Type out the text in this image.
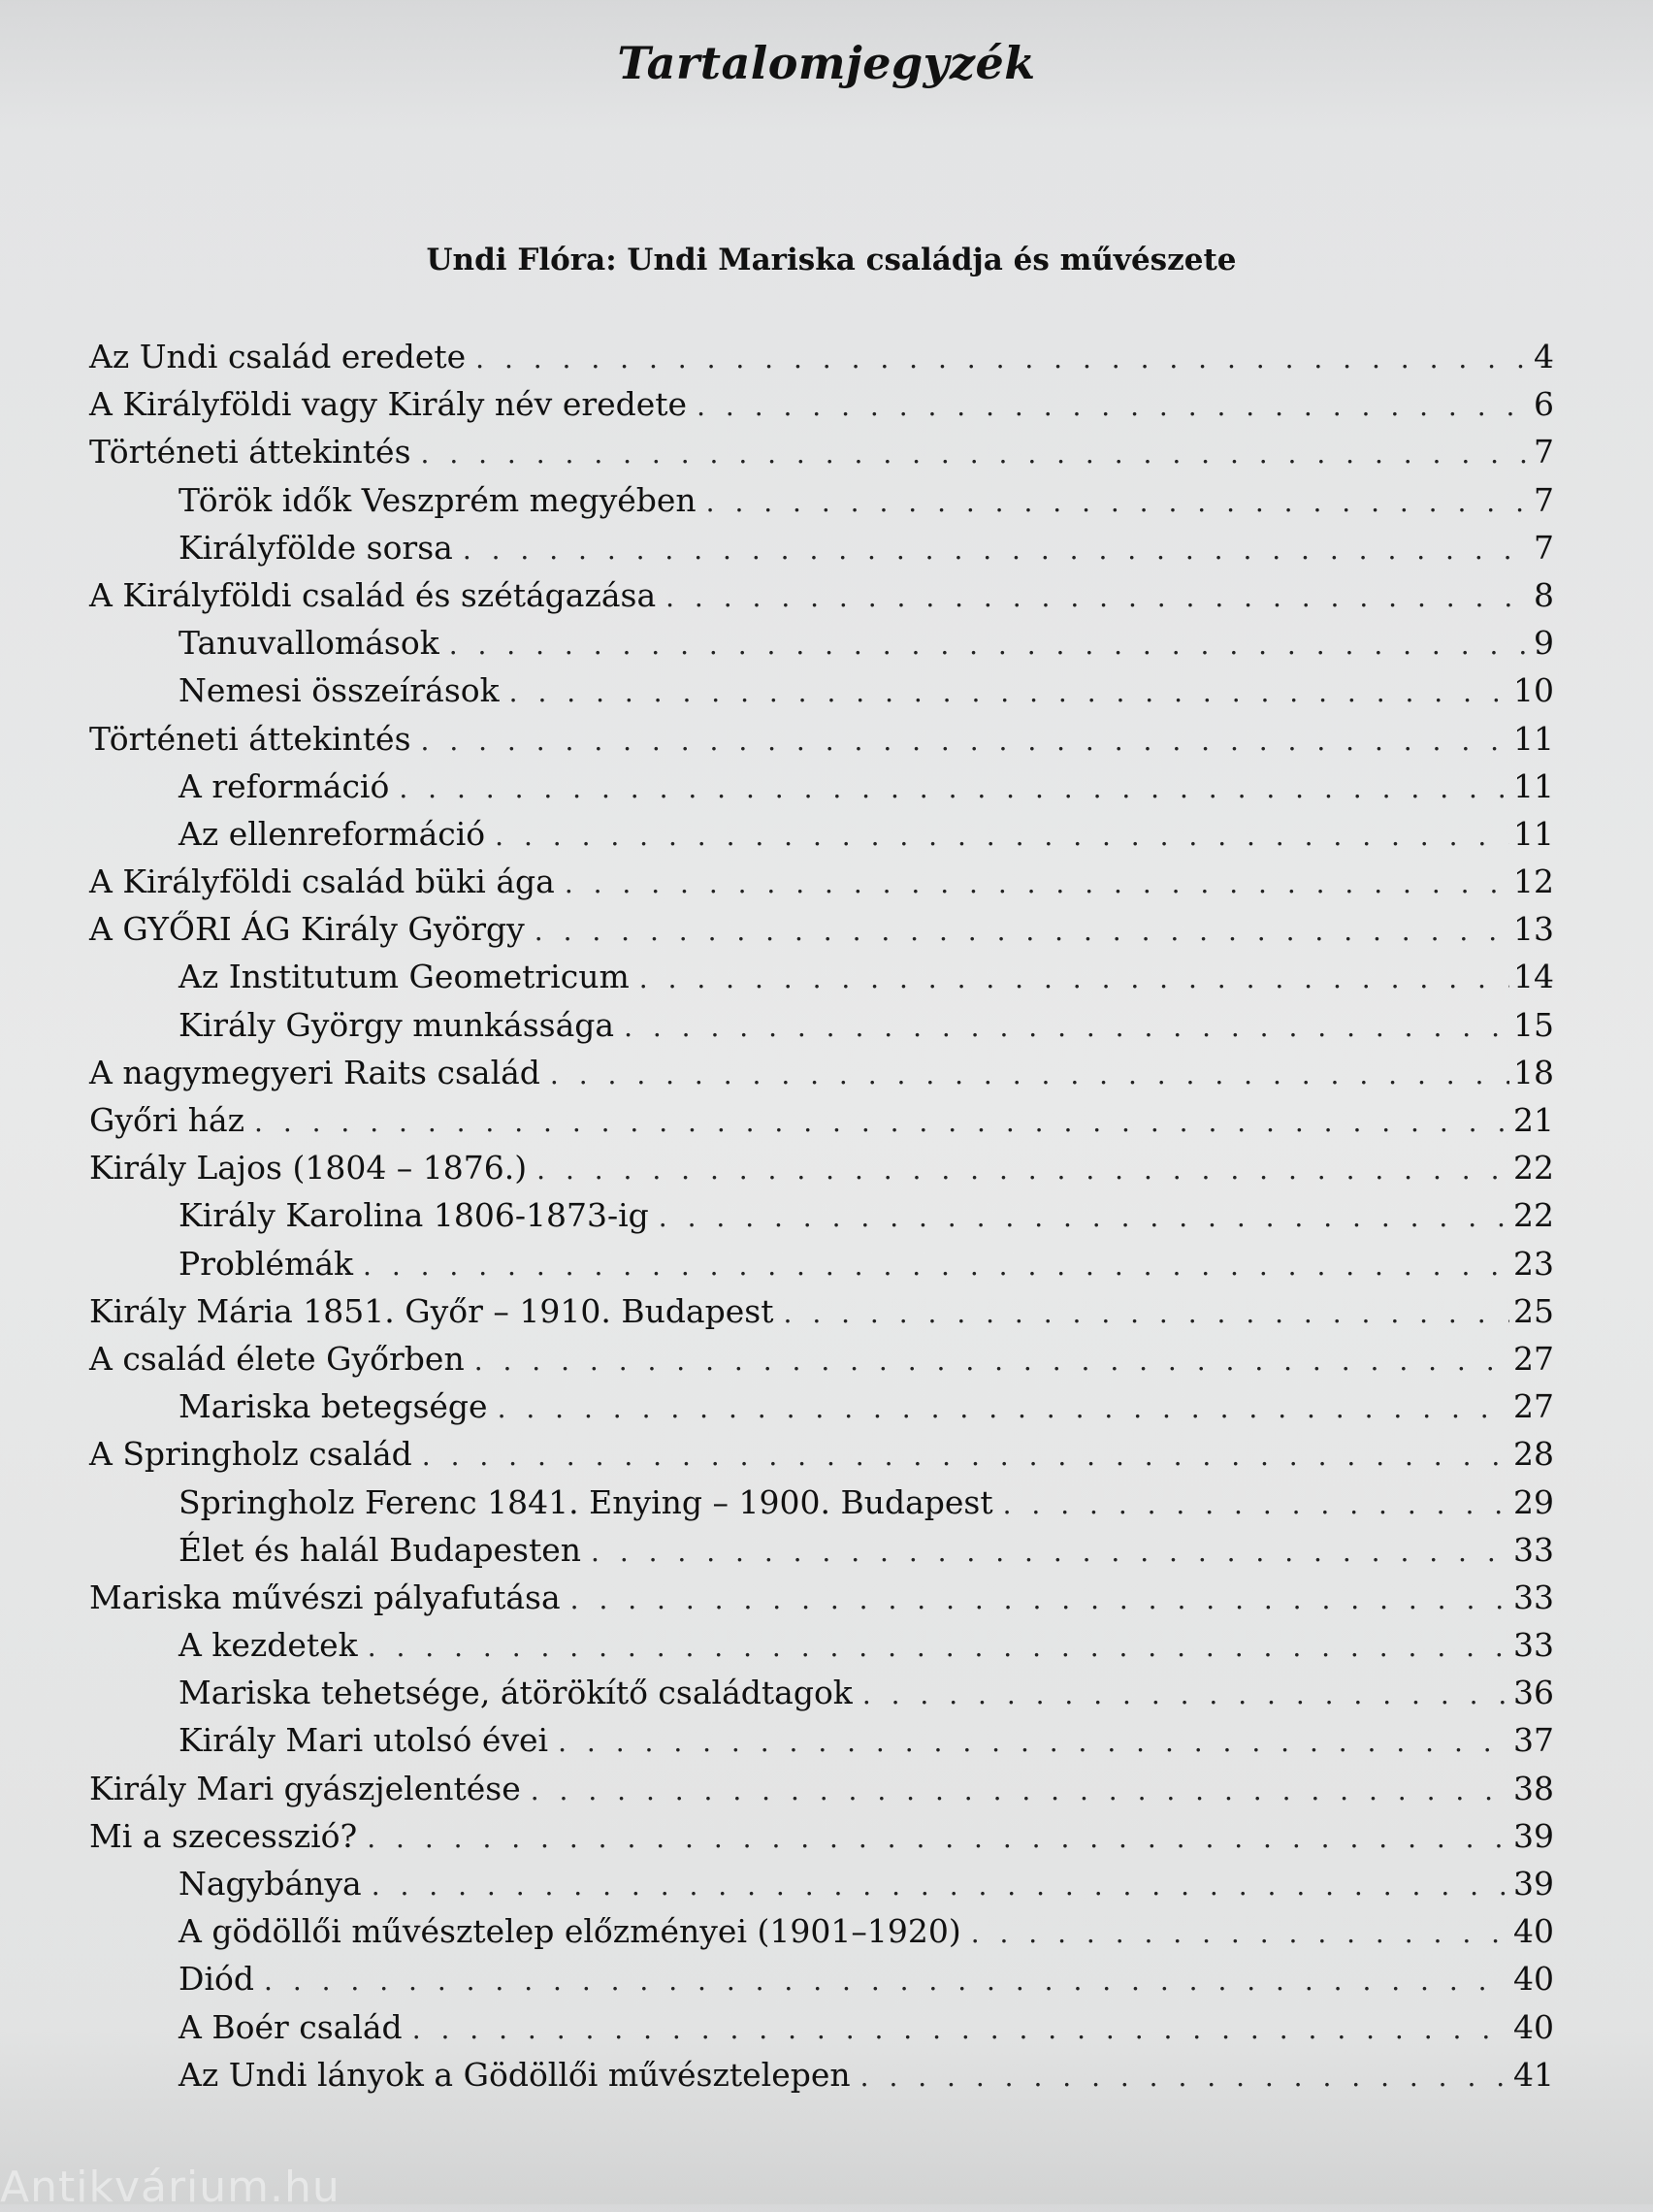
Tartalomjegyzék
Undi Flóra: Undi Mariska családja és művészete
Az Undi család eredete . . .	4
A Királyföldi vagy Király név eredete . . .	6
Történeti áttekintés . . .	7
Török idők Veszprém megyében . . .	7
Királyfölde sorsa . . .	7
A Királyföldi család és szétágazása . . .	8
Tanuvallomások . . .	9
Nemesi összeírások . . .	10
Történeti áttekintés . . .	11
A reformáció . . .	11
Az ellenreformáció . . .	11
A Királyföldi család büki ága . . .	12
A GYŐRI ÁG Király György . . .	13
Az Institutum Geometricum . . .	14
Király György munkássága . . .	15
A nagymegyeri Raits család . . .	18
Győri ház . . .	21
Király Lajos (1804 – 1876.) . . .	22
Király Karolina 1806-1873-ig . . .	22
Problémák . . .	23
Király Mária 1851. Győr – 1910. Budapest . . .	25
A család élete Győrben . . .	27
Mariska betegsége . . .	27
A Springholz család . . .	28
Springholz Ferenc 1841. Enying – 1900. Budapest . . .	29
Élet és halál Budapesten . . .	33
Mariska művészi pályafutása . . .	33
A kezdetek . . .	33
Mariska tehetsége, átörökítő családtagok . . .	36
Király Mari utolsó évei . . .	37
Király Mari gyászjelentése . . .	38
Mi a szecesszió? . . .	39
Nagybánya . . .	39
A gödöllői művésztelep előzményei (1901–1920) . . .	40
Diód . . .	40
A Boér család . . .	40
Az Undi lányok a Gödöllői művésztelepen . . .	41
Antikvárium.hu
